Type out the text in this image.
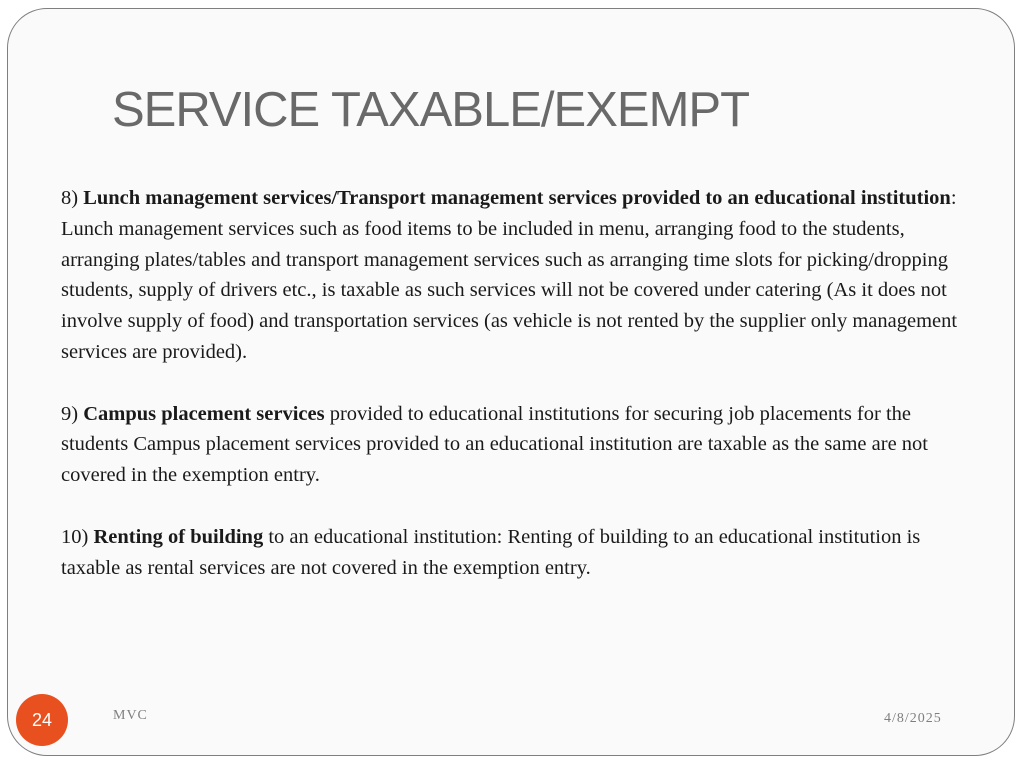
SERVICE TAXABLE/EXEMPT

8) Lunch management services/Transport management services provided to an educational institution: Lunch management services such as food items to be included in menu, arranging food to the students, arranging plates/tables and transport management services such as arranging time slots for picking/dropping students, supply of drivers etc., is taxable as such services will not be covered under catering (As it does not involve supply of food) and transportation services (as vehicle is not rented by the supplier only management services are provided).

9) Campus placement services provided to educational institutions for securing job placements for the students Campus placement services provided to an educational institution are taxable as the same are not covered in the exemption entry.

10) Renting of building to an educational institution: Renting of building to an educational institution is taxable as rental services are not covered in the exemption entry.

24	MVC	4/8/2025
